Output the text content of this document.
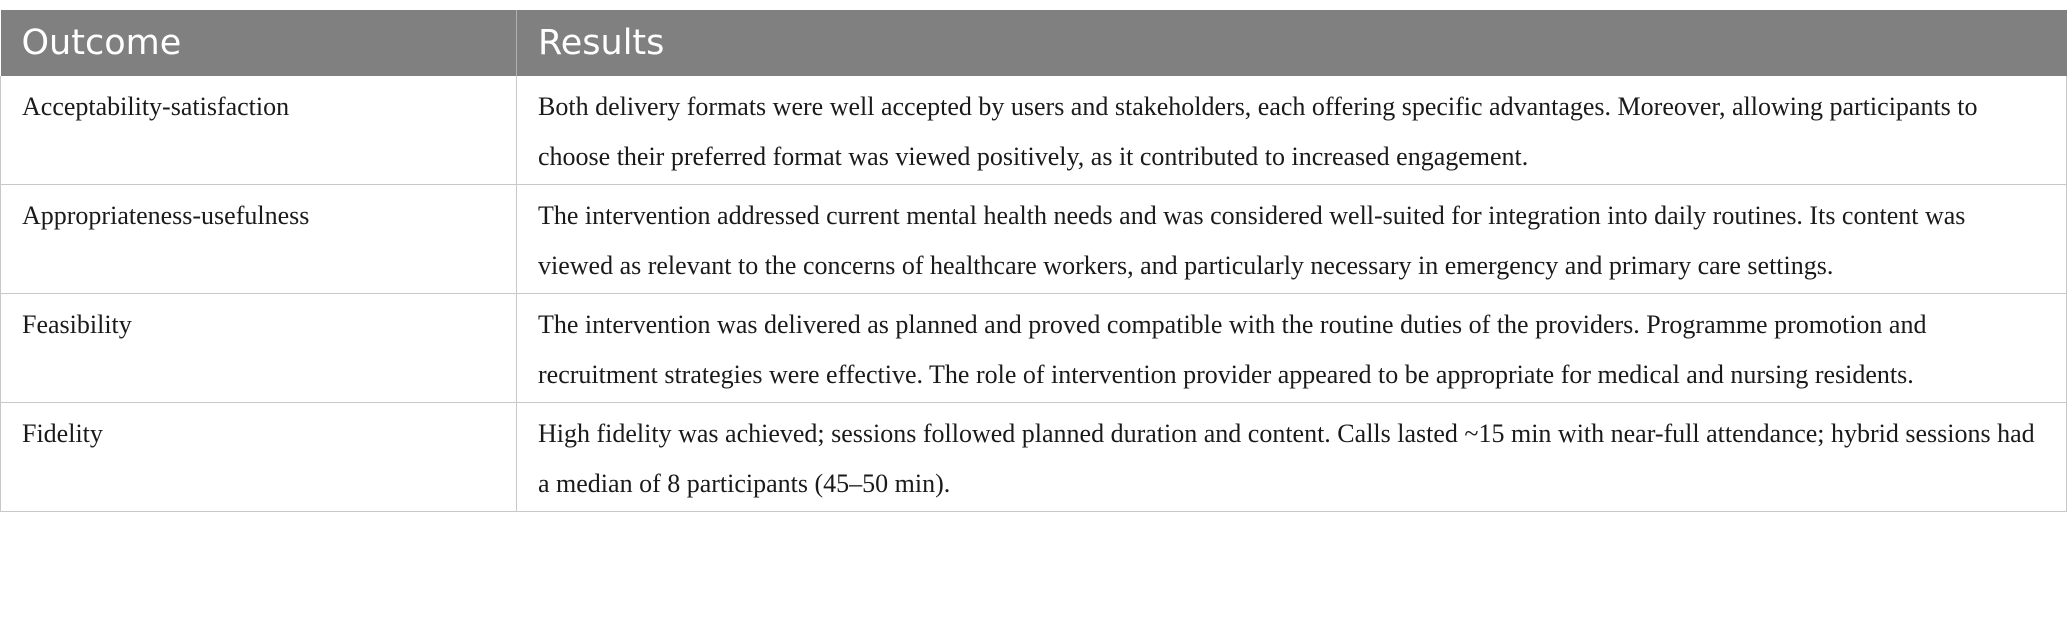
Outcome	Results
Acceptability-satisfaction	Both delivery formats were well accepted by users and stakeholders, each offering specific advantages. Moreover, allowing participants to choose their preferred format was viewed positively, as it contributed to increased engagement.
Appropriateness-usefulness	The intervention addressed current mental health needs and was considered well-suited for integration into daily routines. Its content was viewed as relevant to the concerns of healthcare workers, and particularly necessary in emergency and primary care settings.
Feasibility	The intervention was delivered as planned and proved compatible with the routine duties of the providers. Programme promotion and recruitment strategies were effective. The role of intervention provider appeared to be appropriate for medical and nursing residents.
Fidelity	High fidelity was achieved; sessions followed planned duration and content. Calls lasted ~15 min with near-full attendance; hybrid sessions had a median of 8 participants (45–50 min).
